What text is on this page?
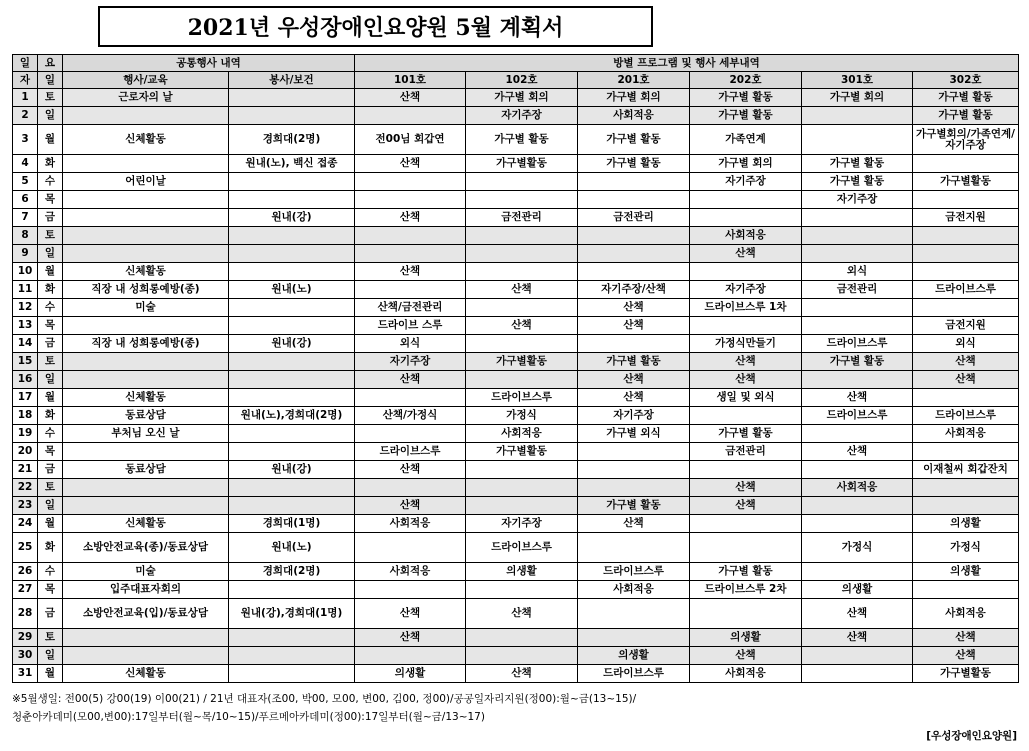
2021년 우성장애인요양원 5월 계획서
일	요	공통행사 내역		방별 프로그램 및 행사 세부내역					
자	일	행사/교육	봉사/보건	101호	102호	201호	202호	301호	302호
1	토	근로자의 날		산책	가구별 회의	가구별 회의	가구별 활동	가구별 회의	가구별 활동
2	일				자기주장	사회적응	가구별 활동		가구별 활동
3	월	신체활동	경희대(2명)	전00님 회갑연	가구별 활동	가구별 활동	가족연계		가구별회의/가족연계/자기주장
4	화		원내(노), 백신 접종	산책	가구별활동	가구별 활동	가구별 회의	가구별 활동	
5	수	어린이날					자기주장	가구별 활동	가구별활동
6	목							자기주장	
7	금		원내(강)	산책	금전관리	금전관리			금전지원
8	토						사회적응		
9	일						산책		
10	월	신체활동		산책				외식	
11	화	직장 내 성희롱예방(종)	원내(노)		산책	자기주장/산책	자기주장	금전관리	드라이브스루
12	수	미술		산책/금전관리		산책	드라이브스루 1차		
13	목			드라이브 스루	산책	산책			금전지원
14	금	직장 내 성희롱예방(종)	원내(강)	외식			가정식만들기	드라이브스루	외식
15	토			자기주장	가구별활동	가구별 활동	산책	가구별 활동	산책
16	일			산책		산책	산책		산책
17	월	신체활동			드라이브스루	산책	생일 및 외식	산책	
18	화	동료상담	원내(노),경희대(2명)	산책/가정식	가정식	자기주장		드라이브스루	드라이브스루
19	수	부처님 오신 날			사회적응	가구별 외식	가구별 활동		사회적응
20	목			드라이브스루	가구별활동		금전관리	산책	
21	금	동료상담	원내(강)	산책					이재철씨 회갑잔치
22	토						산책	사회적응	
23	일			산책		가구별 활동	산책		
24	월	신체활동	경희대(1명)	사회적응	자기주장	산책			의생활
25	화	소방안전교육(종)/동료상담	원내(노)		드라이브스루			가정식	가정식
26	수	미술	경희대(2명)	사회적응	의생활	드라이브스루	가구별 활동		의생활
27	목	입주대표자회의				사회적응	드라이브스루 2차	의생활	
28	금	소방안전교육(입)/동료상담	원내(강),경희대(1명)	산책	산책			산책	사회적응
29	토			산책			의생활	산책	산책
30	일					의생활	산책		산책
31	월	신체활동		의생활	산책	드라이브스루	사회적응		가구별활동

※5월생일: 전00(5) 강00(19) 이00(21) / 21년 대표자(조00, 박00, 모00, 변00, 김00, 정00)/공공일자리지원(정00):월~금(13~15)/

청춘아카데미(모00,변00):17일부터(월~목/10~15)/푸르메아카데미(정00):17일부터(월~금/13~17)

[우성장애인요양원]
